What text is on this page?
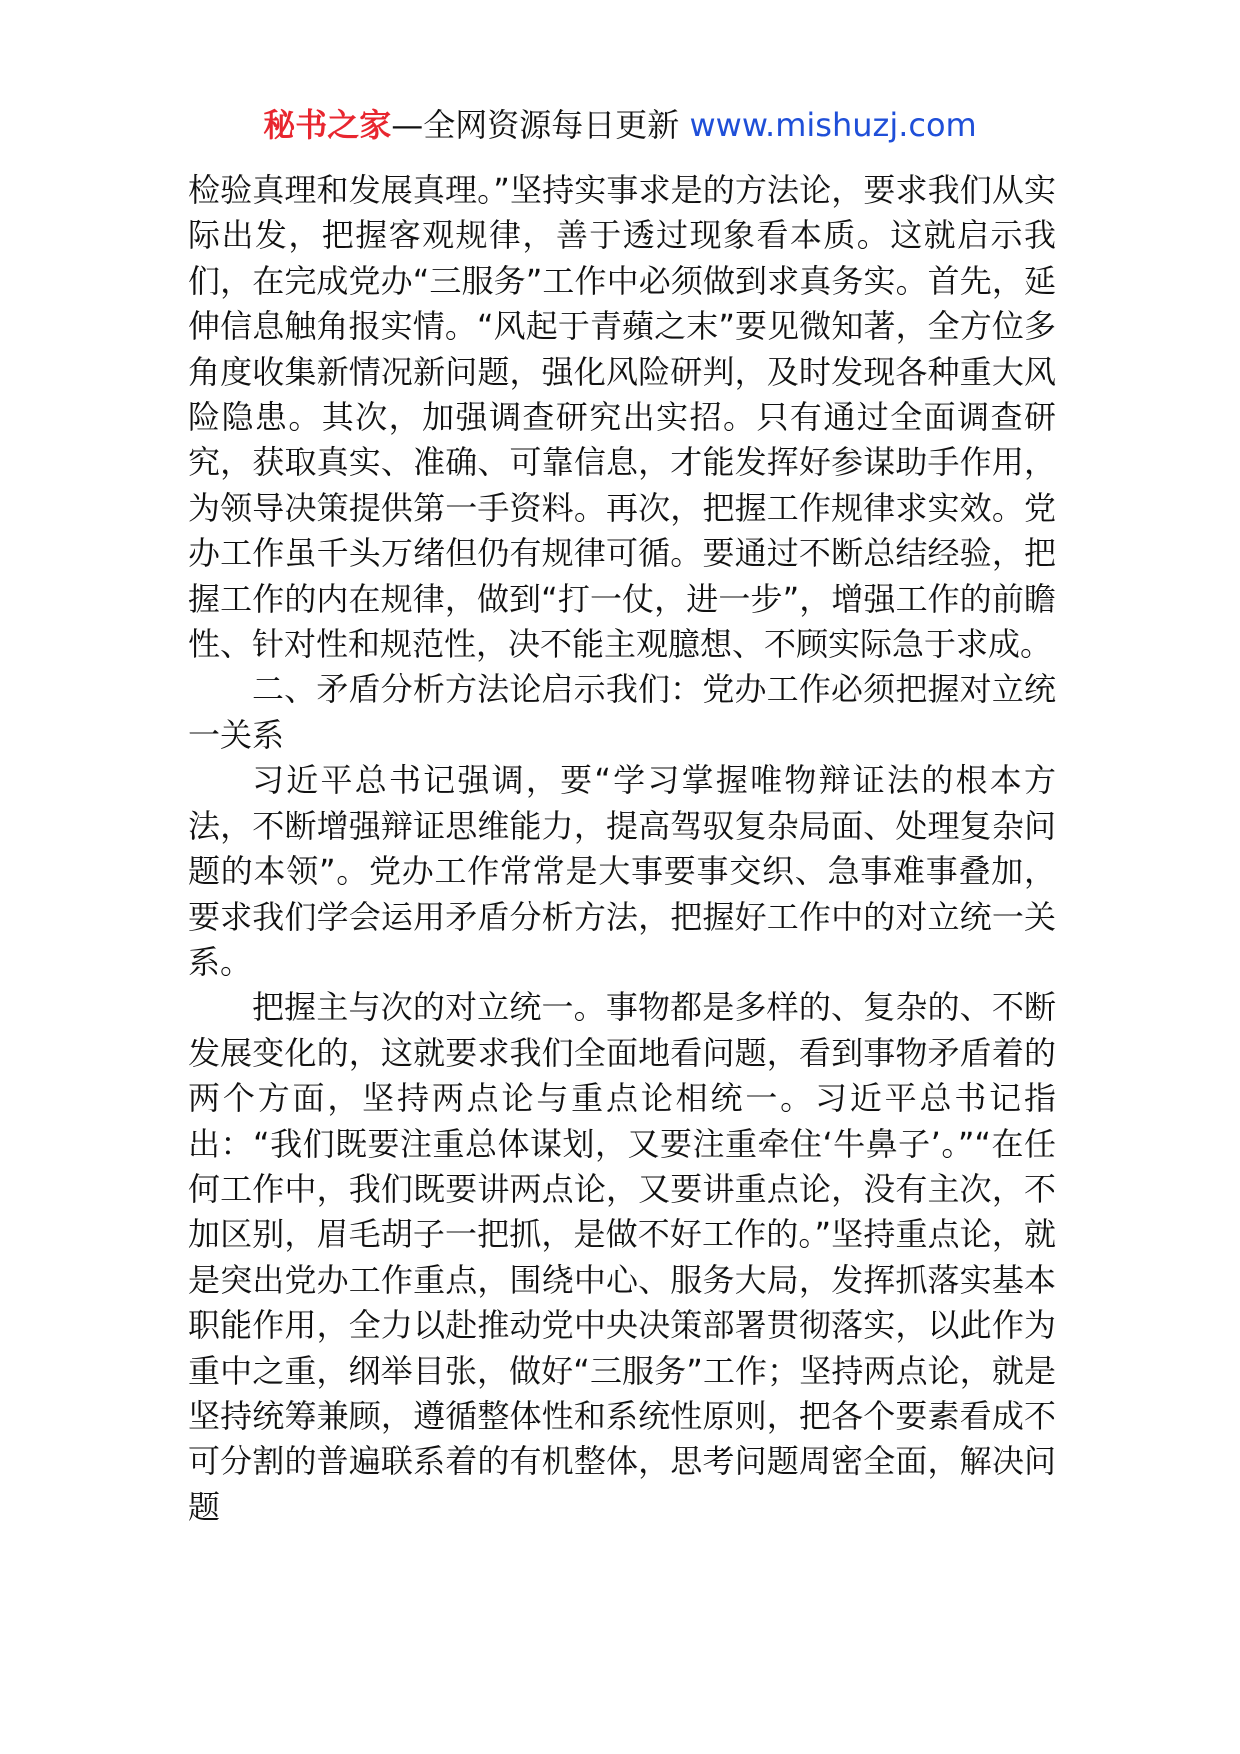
秘书之家—全网资源每日更新 www.mishuzj.com

检验真理和发展真理。”坚持实事求是的方法论，要求我们从实际出发，把握客观规律，善于透过现象看本质。这就启示我们，在完成党办“三服务”工作中必须做到求真务实。首先，延伸信息触角报实情。“风起于青蘋之末”要见微知著，全方位多角度收集新情况新问题，强化风险研判，及时发现各种重大风险隐患。其次，加强调查研究出实招。只有通过全面调查研究，获取真实、准确、可靠信息，才能发挥好参谋助手作用，为领导决策提供第一手资料。再次，把握工作规律求实效。党办工作虽千头万绪但仍有规律可循。要通过不断总结经验，把握工作的内在规律，做到“打一仗，进一步”，增强工作的前瞻性、针对性和规范性，决不能主观臆想、不顾实际急于求成。

二、矛盾分析方法论启示我们：党办工作必须把握对立统一关系

习近平总书记强调，要“学习掌握唯物辩证法的根本方法，不断增强辩证思维能力，提高驾驭复杂局面、处理复杂问题的本领”。党办工作常常是大事要事交织、急事难事叠加，要求我们学会运用矛盾分析方法，把握好工作中的对立统一关系。

把握主与次的对立统一。事物都是多样的、复杂的、不断发展变化的，这就要求我们全面地看问题，看到事物矛盾着的两个方面，坚持两点论与重点论相统一。习近平总书记指出：“我们既要注重总体谋划，又要注重牵住‘牛鼻子’。”“在任何工作中，我们既要讲两点论，又要讲重点论，没有主次，不加区别，眉毛胡子一把抓，是做不好工作的。”坚持重点论，就是突出党办工作重点，围绕中心、服务大局，发挥抓落实基本职能作用，全力以赴推动党中央决策部署贯彻落实，以此作为重中之重，纲举目张，做好“三服务”工作；坚持两点论，就是坚持统筹兼顾，遵循整体性和系统性原则，把各个要素看成不可分割的普遍联系着的有机整体，思考问题周密全面，解决问题
